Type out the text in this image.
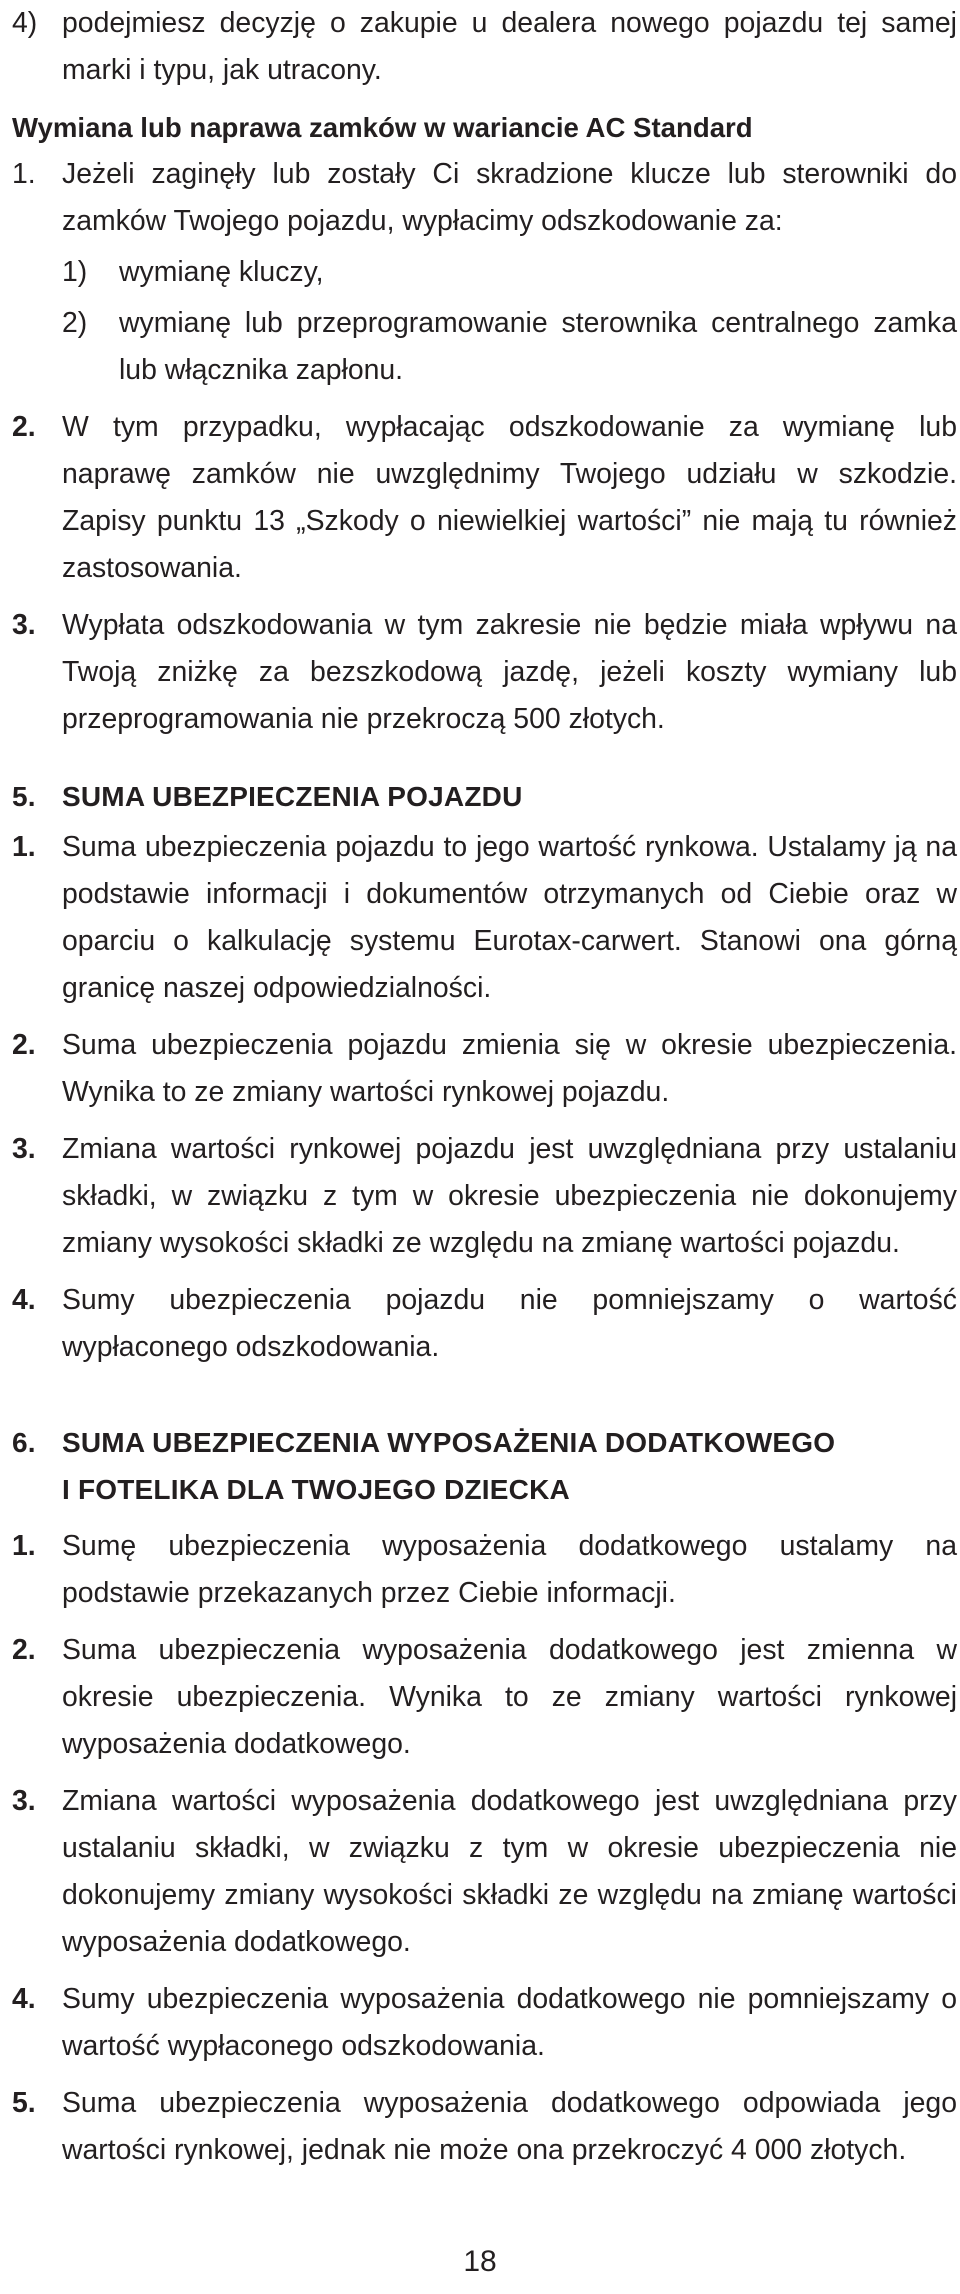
4) podejmiesz decyzję o zakupie u dealera nowego pojazdu tej samej marki i typu, jak utracony.
Wymiana lub naprawa zamków w wariancie AC Standard
1. Jeżeli zaginęły lub zostały Ci skradzione klucze lub sterowniki do zamków Twojego pojazdu, wypłacimy odszkodowanie za:
1) wymianę kluczy,
2) wymianę lub przeprogramowanie sterownika centralnego zamka lub włącznika zapłonu.
2. W tym przypadku, wypłacając odszkodowanie za wymianę lub naprawę zamków nie uwzględnimy Twojego udziału w szkodzie. Zapisy punktu 13 „Szkody o niewielkiej wartości” nie mają tu również zastosowania.
3. Wypłata odszkodowania w tym zakresie nie będzie miała wpływu na Twoją zniżkę za bezszkodową jazdę, jeżeli koszty wymiany lub przeprogramowania nie przekroczą 500 złotych.
5. SUMA UBEZPIECZENIA POJAZDU
1. Suma ubezpieczenia pojazdu to jego wartość rynkowa. Ustalamy ją na podstawie informacji i dokumentów otrzymanych od Ciebie oraz w oparciu o kalkulację systemu Eurotax-carwert. Stanowi ona górną granicę naszej odpowiedzialności.
2. Suma ubezpieczenia pojazdu zmienia się w okresie ubezpieczenia. Wynika to ze zmiany wartości rynkowej pojazdu.
3. Zmiana wartości rynkowej pojazdu jest uwzględniana przy ustalaniu składki, w związku z tym w okresie ubezpieczenia nie dokonujemy zmiany wysokości składki ze względu na zmianę wartości pojazdu.
4. Sumy ubezpieczenia pojazdu nie pomniejszamy o wartość wypłaconego odszkodowania.
6. SUMA UBEZPIECZENIA WYPOSAŻENIA DODATKOWEGO
I FOTELIKA DLA TWOJEGO DZIECKA
1. Sumę ubezpieczenia wyposażenia dodatkowego ustalamy na podstawie przekazanych przez Ciebie informacji.
2. Suma ubezpieczenia wyposażenia dodatkowego jest zmienna w okresie ubezpieczenia. Wynika to ze zmiany wartości rynkowej wyposażenia dodatkowego.
3. Zmiana wartości wyposażenia dodatkowego jest uwzględniana przy ustalaniu składki, w związku z tym w okresie ubezpieczenia nie dokonujemy zmiany wysokości składki ze względu na zmianę wartości wyposażenia dodatkowego.
4. Sumy ubezpieczenia wyposażenia dodatkowego nie pomniejszamy o wartość wypłaconego odszkodowania.
5. Suma ubezpieczenia wyposażenia dodatkowego odpowiada jego wartości rynkowej, jednak nie może ona przekroczyć 4 000 złotych.
18
